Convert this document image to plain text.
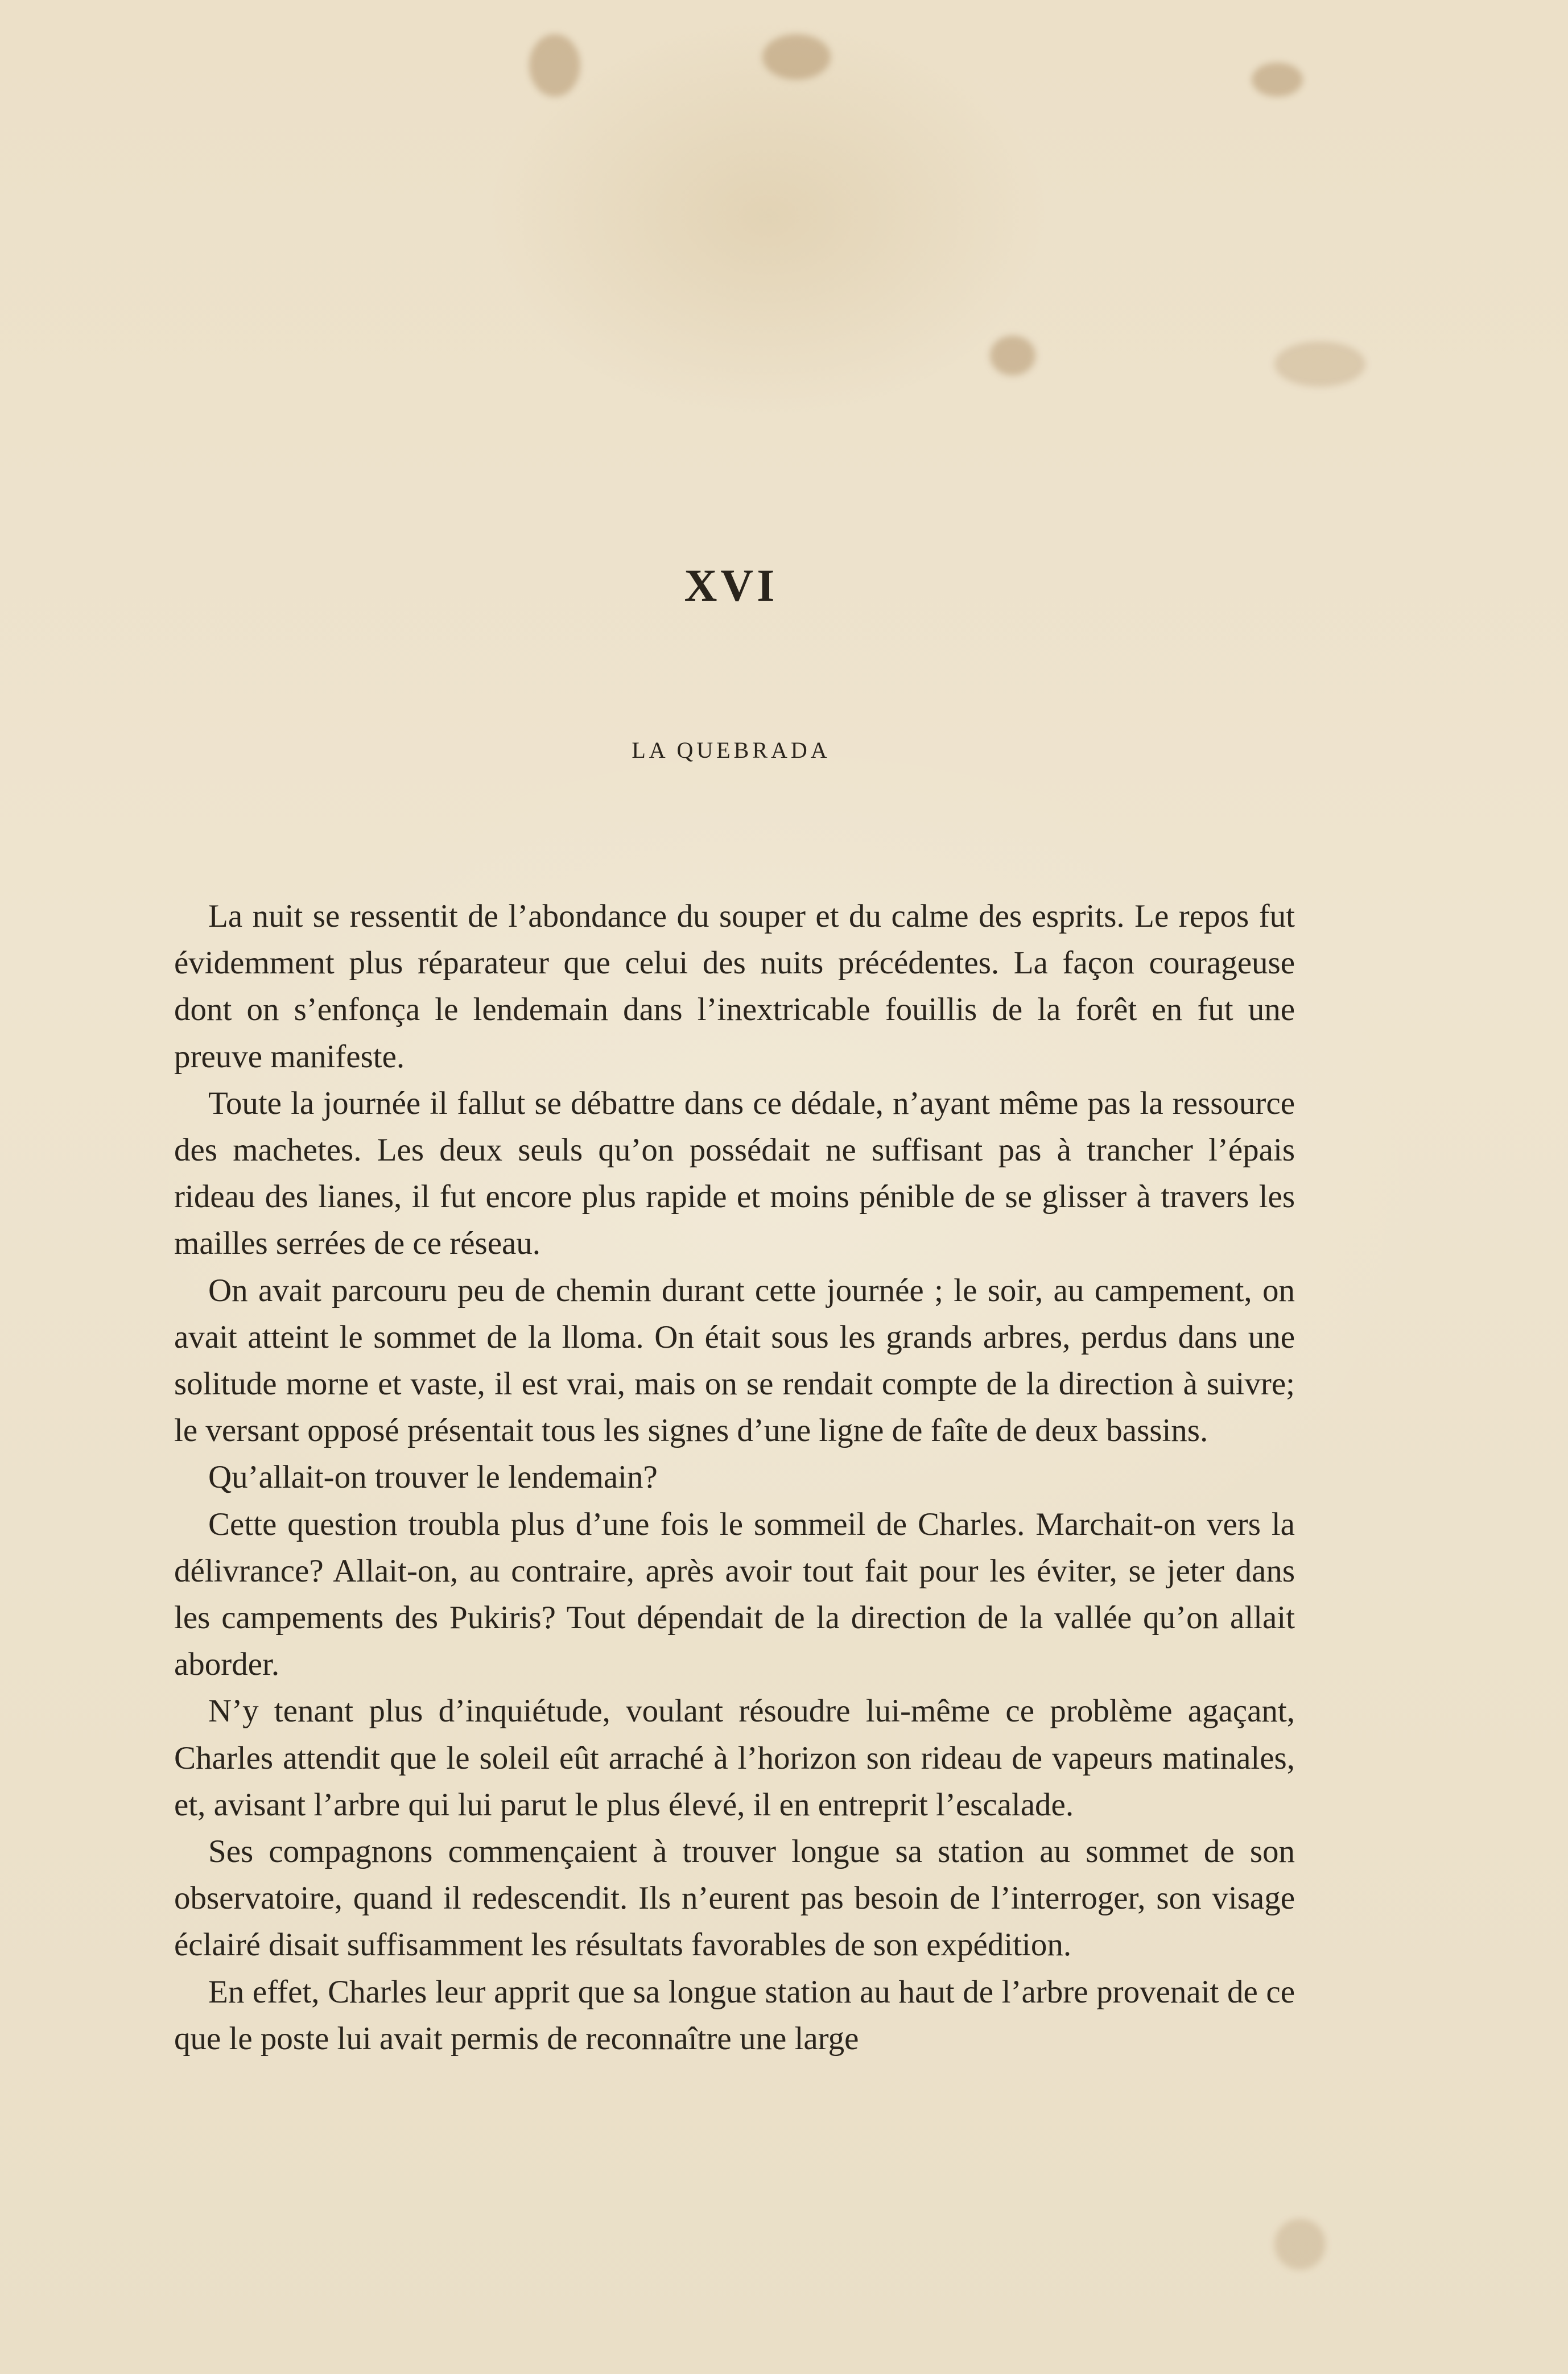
XVI
LA QUEBRADA

La nuit se ressentit de l’abondance du souper et du calme des esprits. Le repos fut évidemment plus réparateur que celui des nuits précédentes. La façon courageuse dont on s’enfonça le lendemain dans l’inextricable fouillis de la forêt en fut une preuve manifeste.

Toute la journée il fallut se débattre dans ce dédale, n’ayant même pas la ressource des machetes. Les deux seuls qu’on possédait ne suffisant pas à trancher l’épais rideau des lianes, il fut encore plus rapide et moins pénible de se glisser à travers les mailles serrées de ce réseau.

On avait parcouru peu de chemin durant cette journée ; le soir, au campement, on avait atteint le sommet de la lloma. On était sous les grands arbres, perdus dans une solitude morne et vaste, il est vrai, mais on se rendait compte de la direction à suivre; le versant opposé présentait tous les signes d’une ligne de faîte de deux bassins.

Qu’allait-on trouver le lendemain?

Cette question troubla plus d’une fois le sommeil de Charles. Marchait-on vers la délivrance? Allait-on, au contraire, après avoir tout fait pour les éviter, se jeter dans les campements des Pukiris? Tout dépendait de la direction de la vallée qu’on allait aborder.

N’y tenant plus d’inquiétude, voulant résoudre lui-même ce problème agaçant, Charles attendit que le soleil eût arraché à l’horizon son rideau de vapeurs matinales, et, avisant l’arbre qui lui parut le plus élevé, il en entreprit l’escalade.

Ses compagnons commençaient à trouver longue sa station au sommet de son observatoire, quand il redescendit. Ils n’eurent pas besoin de l’interroger, son visage éclairé disait suffisamment les résultats favorables de son expédition.

En effet, Charles leur apprit que sa longue station au haut de l’arbre provenait de ce que le poste lui avait permis de reconnaître une large
